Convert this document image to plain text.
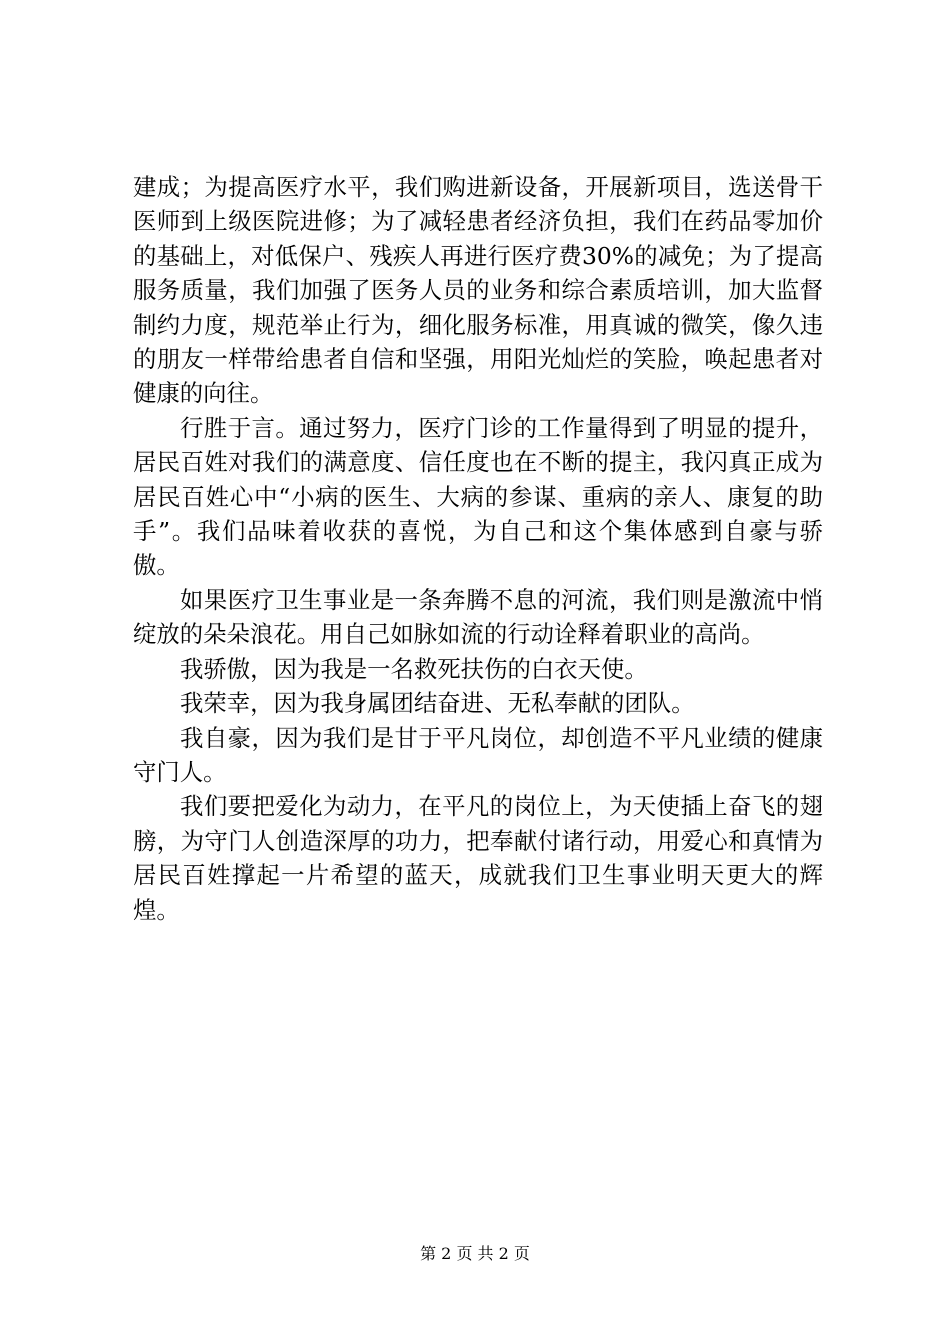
建成；为提高医疗水平，我们购进新设备，开展新项目，选送骨干医师到上级医院进修；为了减轻患者经济负担，我们在药品零加价的基础上，对低保户、残疾人再进行医疗费30%的减免；为了提高服务质量，我们加强了医务人员的业务和综合素质培训，加大监督制约力度，规范举止行为，细化服务标准，用真诚的微笑，像久违的朋友一样带给患者自信和坚强，用阳光灿烂的笑脸，唤起患者对健康的向往。

行胜于言。通过努力，医疗门诊的工作量得到了明显的提升，居民百姓对我们的满意度、信任度也在不断的提主，我闪真正成为居民百姓心中“小病的医生、大病的参谋、重病的亲人、康复的助手”。我们品味着收获的喜悦，为自己和这个集体感到自豪与骄傲。

如果医疗卫生事业是一条奔腾不息的河流，我们则是激流中悄绽放的朵朵浪花。用自己如脉如流的行动诠释着职业的高尚。

我骄傲，因为我是一名救死扶伤的白衣天使。

我荣幸，因为我身属团结奋进、无私奉献的团队。

我自豪，因为我们是甘于平凡岗位，却创造不平凡业绩的健康守门人。

我们要把爱化为动力，在平凡的岗位上，为天使插上奋飞的翅膀，为守门人创造深厚的功力，把奉献付诸行动，用爱心和真情为居民百姓撑起一片希望的蓝天，成就我们卫生事业明天更大的辉煌。

第 2 页 共 2 页
